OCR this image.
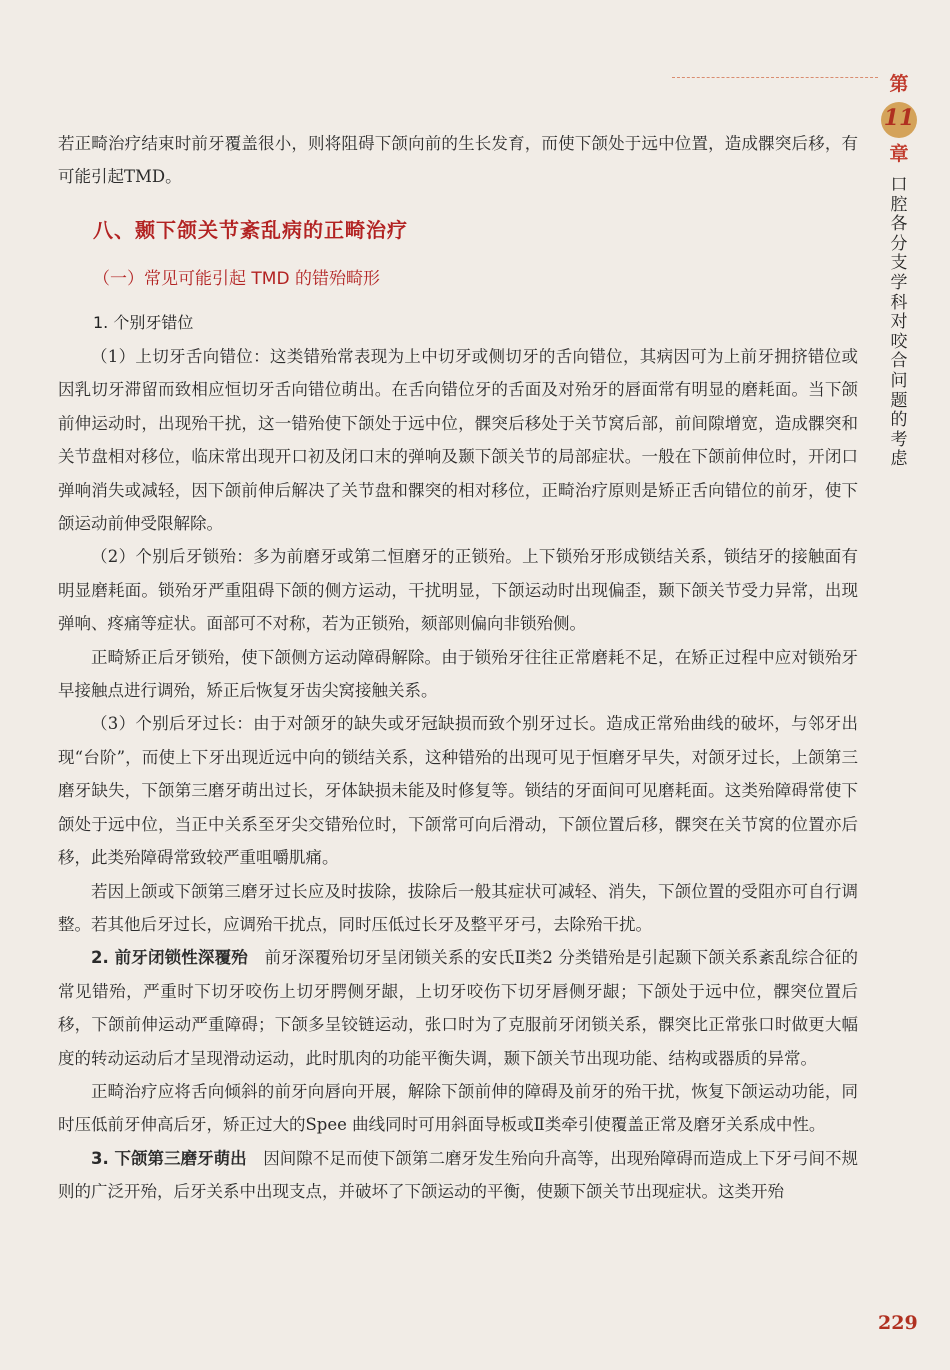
第
11
章
口腔各分支学科对咬合问题的考虑

若正畸治疗结束时前牙覆盖很小，则将阻碍下颌向前的生长发育，而使下颌处于远中位置，造成髁突后移，有可能引起TMD。

八、颞下颌关节紊乱病的正畸治疗
（一）常见可能引起 TMD 的错殆畸形
1. 个别牙错位

（1）上切牙舌向错位：这类错殆常表现为上中切牙或侧切牙的舌向错位，其病因可为上前牙拥挤错位或因乳切牙滞留而致相应恒切牙舌向错位萌出。在舌向错位牙的舌面及对殆牙的唇面常有明显的磨耗面。当下颌前伸运动时，出现殆干扰，这一错殆使下颌处于远中位，髁突后移处于关节窝后部，前间隙增宽，造成髁突和关节盘相对移位，临床常出现开口初及闭口末的弹响及颞下颌关节的局部症状。一般在下颌前伸位时，开闭口弹响消失或减轻，因下颌前伸后解决了关节盘和髁突的相对移位，正畸治疗原则是矫正舌向错位的前牙，使下颌运动前伸受限解除。

（2）个别后牙锁殆：多为前磨牙或第二恒磨牙的正锁殆。上下锁殆牙形成锁结关系，锁结牙的接触面有明显磨耗面。锁殆牙严重阻碍下颌的侧方运动，干扰明显，下颌运动时出现偏歪，颞下颌关节受力异常，出现弹响、疼痛等症状。面部可不对称，若为正锁殆，颏部则偏向非锁殆侧。

正畸矫正后牙锁殆，使下颌侧方运动障碍解除。由于锁殆牙往往正常磨耗不足，在矫正过程中应对锁殆牙早接触点进行调殆，矫正后恢复牙齿尖窝接触关系。

（3）个别后牙过长：由于对颌牙的缺失或牙冠缺损而致个别牙过长。造成正常殆曲线的破坏，与邻牙出现“台阶”，而使上下牙出现近远中向的锁结关系，这种错殆的出现可见于恒磨牙早失，对颌牙过长，上颌第三磨牙缺失，下颌第三磨牙萌出过长，牙体缺损未能及时修复等。锁结的牙面间可见磨耗面。这类殆障碍常使下颌处于远中位，当正中关系至牙尖交错殆位时，下颌常可向后滑动，下颌位置后移，髁突在关节窝的位置亦后移，此类殆障碍常致较严重咀嚼肌痛。

若因上颌或下颌第三磨牙过长应及时拔除，拔除后一般其症状可减轻、消失，下颌位置的受阻亦可自行调整。若其他后牙过长，应调殆干扰点，同时压低过长牙及整平牙弓，去除殆干扰。

2. 前牙闭锁性深覆殆　 前牙深覆殆切牙呈闭锁关系的安氏Ⅱ类2 分类错殆是引起颞下颌关系紊乱综合征的常见错殆，严重时下切牙咬伤上切牙腭侧牙龈，上切牙咬伤下切牙唇侧牙龈；下颌处于远中位，髁突位置后移，下颌前伸运动严重障碍；下颌多呈铰链运动，张口时为了克服前牙闭锁关系，髁突比正常张口时做更大幅度的转动运动后才呈现滑动运动，此时肌肉的功能平衡失调，颞下颌关节出现功能、结构或器质的异常。

正畸治疗应将舌向倾斜的前牙向唇向开展，解除下颌前伸的障碍及前牙的殆干扰，恢复下颌运动功能，同时压低前牙伸高后牙，矫正过大的Spee 曲线同时可用斜面导板或Ⅱ类牵引使覆盖正常及磨牙关系成中性。

3. 下颌第三磨牙萌出　 因间隙不足而使下颌第二磨牙发生殆向升高等，出现殆障碍而造成上下牙弓间不规则的广泛开殆，后牙关系中出现支点，并破坏了下颌运动的平衡，使颞下颌关节出现症状。这类开殆

229
